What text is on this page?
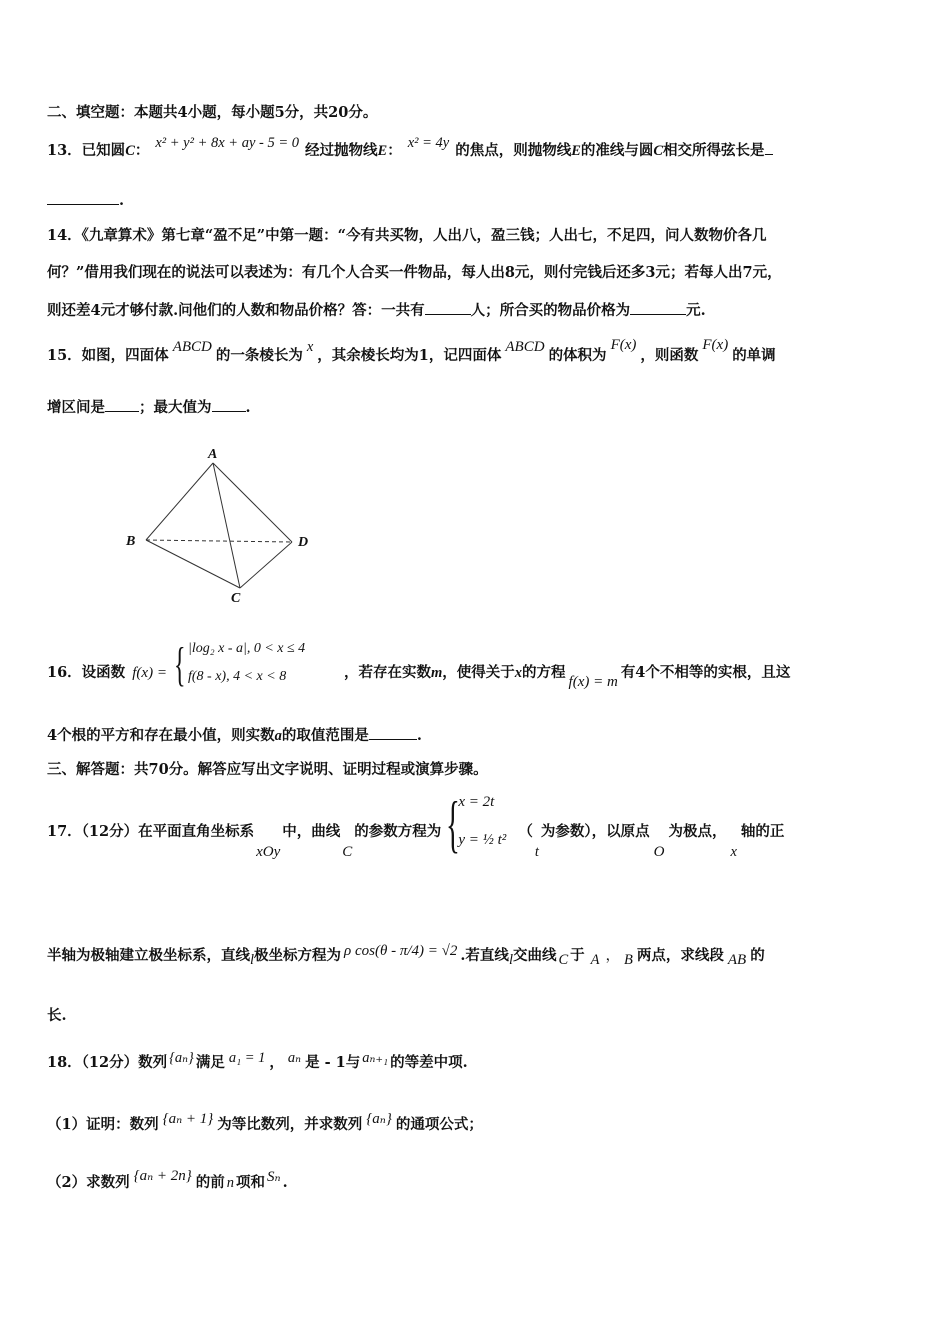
二、填空题：本题共4小题，每小题5分，共20分。
13．已知圆C： x² + y² + 8x + ay - 5 = 0 经过抛物线E： x² = 4y 的焦点，则抛物线E的准线与圆C相交所得弦长是
.
14．《九章算术》第七章“盈不足”中第一题：“今有共买物，人出八，盈三钱；人出七，不足四，问人数物价各几
何？”借用我们现在的说法可以表述为：有几个人合买一件物品，每人出8元，则付完钱后还多3元；若每人出7元，
则还差4元才够付款.问他们的人数和物品价格？答：一共有	人；所合买的物品价格为	元.
15．如图，四面体 ABCD 的一条棱长为 x ，其余棱长均为1，记四面体 ABCD 的体积为F(x)，则函数F(x)的单调
增区间是 ；最大值为 .
A
B
C
D
16．设函数 f(x) = { |log₂ x - a|, 0 < x ≤ 4
f(8 - x), 4 < x < 8	，若存在实数m，使得关于x的方程f(x) = m有4个不相等的实根，且这
4个根的平方和存在最小值，则实数a的取值范围是	.
三、解答题：共70分。解答应写出文字说明、证明过程或演算步骤。
17．（12分）在平面直角坐标系xOy中，曲线C的参数方程为 {
x = 2t
y = ½ t² （t为参数），以原点O为极点，x轴的正
半轴为极轴建立极坐标系，直线l极坐标方程为 ρ cos(θ - π/4) = √2 .若直线l交曲线 C 于 A ， B 两点，求线段 AB 的
长.
18．（12分）数列 {aₙ} 满足 a₁ = 1 ， aₙ 是 - 1与 aₙ₊₁ 的等差中项.
（1）证明：数列 {aₙ + 1} 为等比数列，并求数列 {aₙ} 的通项公式；
（2）求数列 {aₙ + 2n} 的前 n 项和 Sₙ .
